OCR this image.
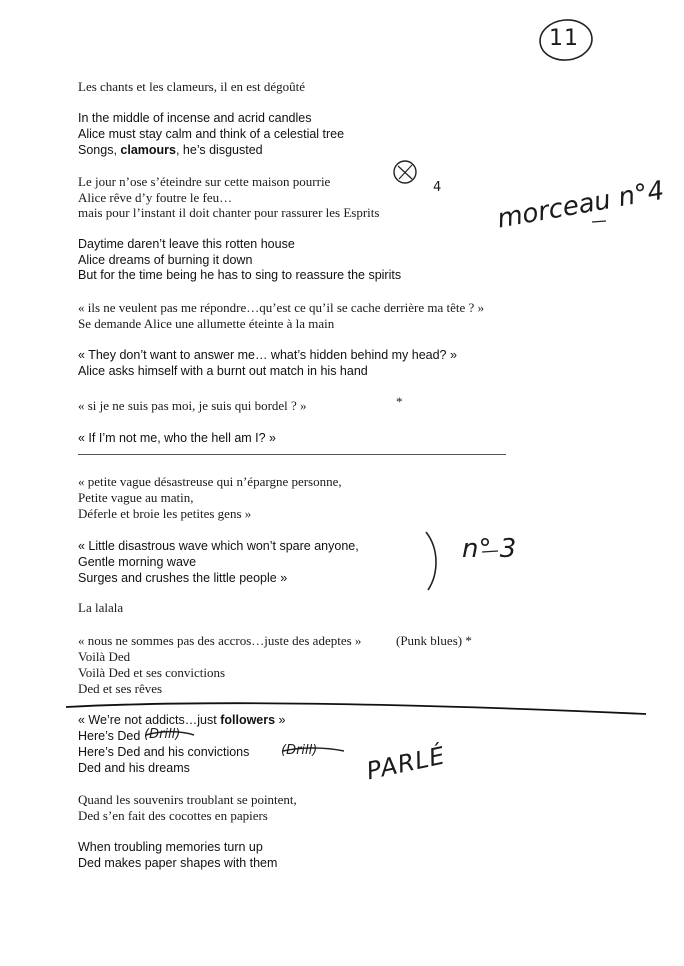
11
Les chants et les clameurs, il en est dégoûté
In the middle of incense and acrid candles
Alice must stay calm and think of a celestial tree
Songs, clamours, he’s disgusted
Le jour n’ose s’éteindre sur cette maison pourrie
Alice rêve d’y foutre le feu…
mais pour l’instant il doit chanter pour rassurer les Esprits
Daytime daren’t leave this rotten house
Alice dreams of burning it down
But for the time being he has to sing to reassure the spirits
« ils ne veulent pas me répondre…qu’est ce qu’il se cache derrière ma tête ? »
Se demande Alice une allumette éteinte à la main
« They don’t want to answer me… what’s hidden behind my head? »
Alice asks himself with a burnt out match in his hand
« si je ne suis pas moi, je suis qui bordel ? »	*
« If I’m not me, who the hell am I? »
« petite vague désastreuse qui n’épargne personne,
Petite vague au matin,
Déferle et broie les petites gens »
« Little disastrous wave which won’t spare anyone,
Gentle morning wave
Surges and crushes the little people »
La lalala
« nous ne sommes pas des accros…juste des adeptes »	(Punk blues) *
Voilà Ded
Voilà Ded et ses convictions
Ded et ses rêves
« We’re not addicts…just followers »
Here’s Ded
Here’s Ded and his convictions
Ded and his dreams
Quand les souvenirs troublant se pointent,
Ded s’en fait des cocottes en papiers
When troubling memories turn up
Ded makes paper shapes with them
4 morceau n°4
n° 3
PARLÉ
(Drill)
(Drill)
